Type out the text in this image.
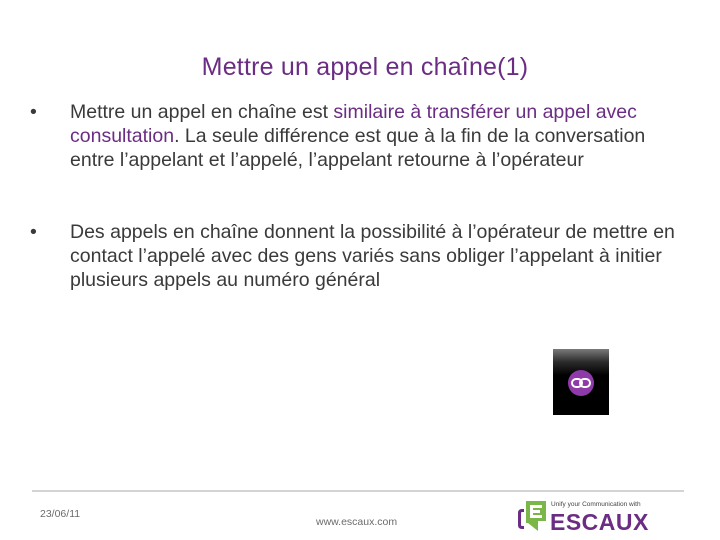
Mettre un appel en chaîne(1)
•	Mettre un appel en chaîne est similaire à transférer un appel avec consultation. La seule différence est que à la fin de la conversation entre l’appelant et l’appelé, l’appelant retourne à l’opérateur
•	Des appels en chaîne donnent la possibilité à l’opérateur de mettre en contact l’appelé avec des gens variés sans obliger l’appelant à initier plusieurs appels au numéro général
23/06/11
www.escaux.com
Unify your Communication with
ESCAUX
